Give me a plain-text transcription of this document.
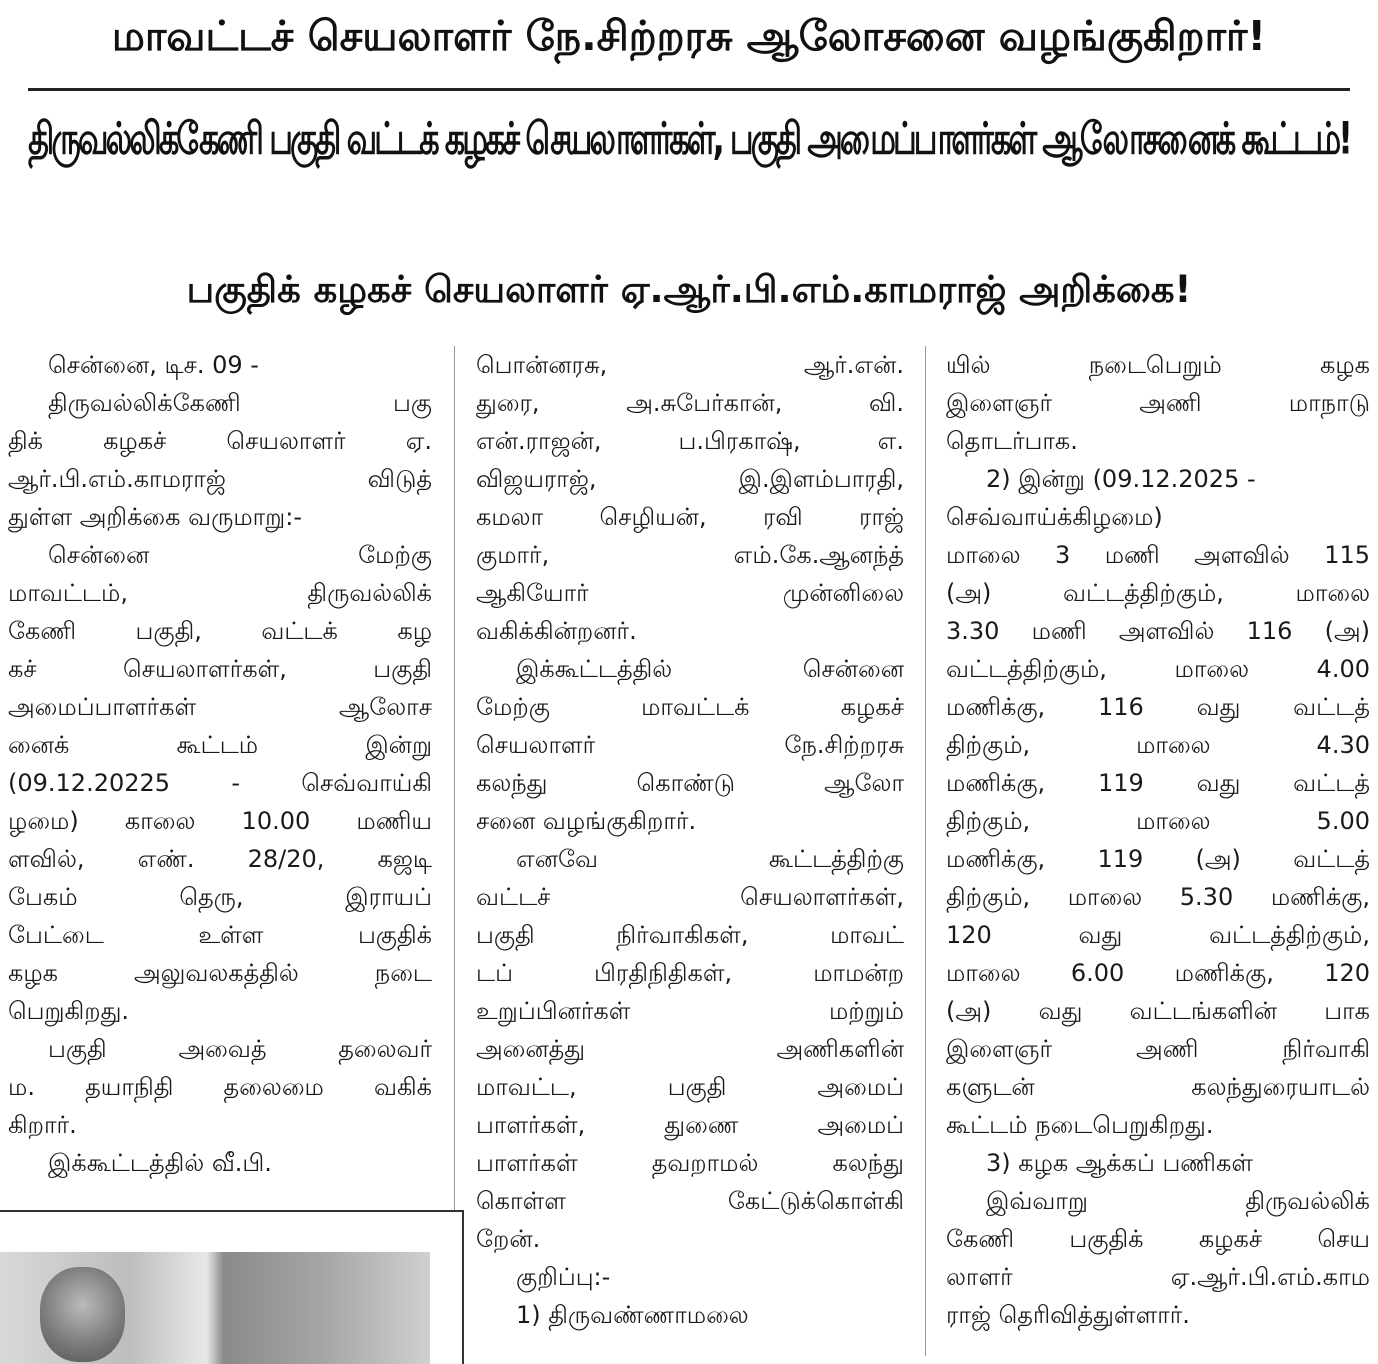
மாவட்டச் செயலாளர் நே.சிற்றரசு ஆலோசனை வழங்குகிறார்!
திருவல்லிக்கேணி பகுதி வட்டக் கழகச் செயலாளர்கள், பகுதி அமைப்பாளர்கள் ஆலோசனைக் கூட்டம்!
பகுதிக் கழகச் செயலாளர் ஏ.ஆர்.பி.எம்.காமராஜ் அறிக்கை!

சென்னை, டிச. 09 -

திருவல்லிக்கேணி பகு

திக் கழகச் செயலாளர் ஏ.

ஆர்.பி.எம்.காமராஜ் விடுத்

துள்ள அறிக்கை வருமாறு:-

சென்னை மேற்கு

மாவட்டம், திருவல்லிக்

கேணி பகுதி, வட்டக் கழ

கச் செயலாளர்கள், பகுதி

அமைப்பாளர்கள் ஆலோச

னைக் கூட்டம் இன்று

(09.12.20225 - செவ்வாய்கி

ழமை) காலை 10.00 மணிய

ளவில், எண். 28/20, கஜடி

பேகம் தெரு, இராயப்

பேட்டை உள்ள பகுதிக்

கழக அலுவலகத்தில் நடை

பெறுகிறது.

பகுதி அவைத் தலைவர்

ம. தயாநிதி தலைமை வகிக்

கிறார்.

இக்கூட்டத்தில் வீ.பி.

பொன்னரசு, ஆர்.என்.

துரை, அ.சுபேர்கான், வி.

என்.ராஜன், ப.பிரகாஷ், எ.

விஜயராஜ், இ.இளம்பாரதி,

கமலா செழியன், ரவி ராஜ்

குமார், எம்.கே.ஆனந்த்

ஆகியோர் முன்னிலை

வகிக்கின்றனர்.

இக்கூட்டத்தில் சென்னை

மேற்கு மாவட்டக் கழகச்

செயலாளர் நே.சிற்றரசு

கலந்து கொண்டு ஆலோ

சனை வழங்குகிறார்.

எனவே கூட்டத்திற்கு

வட்டச் செயலாளர்கள்,

பகுதி நிர்வாகிகள், மாவட்

டப் பிரதிநிதிகள், மாமன்ற

உறுப்பினர்கள் மற்றும்

அனைத்து அணிகளின்

மாவட்ட, பகுதி அமைப்

பாளர்கள், துணை அமைப்

பாளர்கள் தவறாமல் கலந்து

கொள்ள கேட்டுக்கொள்கி

றேன்.

குறிப்பு:-

1) திருவண்ணாமலை

யில் நடைபெறும் கழக

இளைஞர் அணி மாநாடு

தொடர்பாக.

2) இன்று (09.12.2025 -

செவ்வாய்க்கிழமை)

மாலை 3 மணி அளவில் 115

(அ) வட்டத்திற்கும், மாலை

3.30 மணி அளவில் 116 (அ)

வட்டத்திற்கும், மாலை 4.00

மணிக்கு, 116 வது வட்டத்

திற்கும், மாலை 4.30

மணிக்கு, 119 வது வட்டத்

திற்கும், மாலை 5.00

மணிக்கு, 119 (அ) வட்டத்

திற்கும், மாலை 5.30 மணிக்கு,

120 வது வட்டத்திற்கும்,

மாலை 6.00 மணிக்கு, 120

(அ) வது வட்டங்களின் பாக

இளைஞர் அணி நிர்வாகி

களுடன் கலந்துரையாடல்

கூட்டம் நடைபெறுகிறது.

3) கழக ஆக்கப் பணிகள்

இவ்வாறு திருவல்லிக்

கேணி பகுதிக் கழகச் செய

லாளர் ஏ.ஆர்.பி.எம்.காம

ராஜ் தெரிவித்துள்ளார்.
